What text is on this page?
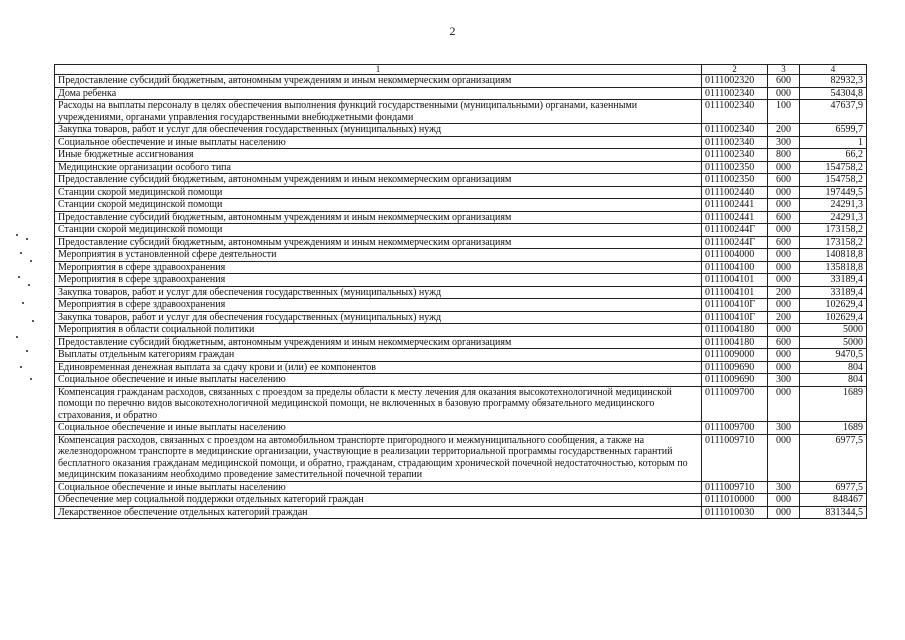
2
1	2	3	4
Предоставление субсидий бюджетным, автономным учреждениям и иным некоммерческим организациям	0111002320	600	82932,3
Дома ребенка	0111002340	000	54304,8
Расходы на выплаты персоналу в целях обеспечения выполнения функций государственными (муниципальными) органами, казенными учреждениями, органами управления государственными внебюджетными фондами	0111002340	100	47637,9
Закупка товаров, работ и услуг для обеспечения государственных (муниципальных) нужд	0111002340	200	6599,7
Социальное обеспечение и иные выплаты населению	0111002340	300	1
Иные бюджетные ассигнования	0111002340	800	66,2
Медицинские организации особого типа	0111002350	000	154758,2
Предоставление субсидий бюджетным, автономным учреждениям и иным некоммерческим организациям	0111002350	600	154758,2
Станции скорой медицинской помощи	0111002440	000	197449,5
Станции скорой медицинской помощи	0111002441	000	24291,3
Предоставление субсидий бюджетным, автономным учреждениям и иным некоммерческим организациям	0111002441	600	24291,3
Станции скорой медицинской помощи	011100244Г	000	173158,2
Предоставление субсидий бюджетным, автономным учреждениям и иным некоммерческим организациям	011100244Г	600	173158,2
Мероприятия в установленной сфере деятельности	0111004000	000	140818,8
Мероприятия в сфере здравоохранения	0111004100	000	135818,8
Мероприятия в сфере здравоохранения	0111004101	000	33189,4
Закупка товаров, работ и услуг для обеспечения государственных (муниципальных) нужд	0111004101	200	33189,4
Мероприятия в сфере здравоохранения	011100410Г	000	102629,4
Закупка товаров, работ и услуг для обеспечения государственных (муниципальных) нужд	011100410Г	200	102629,4
Мероприятия в области социальной политики	0111004180	000	5000
Предоставление субсидий бюджетным, автономным учреждениям и иным некоммерческим организациям	0111004180	600	5000
Выплаты отдельным категориям граждан	0111009000	000	9470,5
Единовременная денежная выплата за сдачу крови и (или) ее компонентов	0111009690	000	804
Социальное обеспечение и иные выплаты населению	0111009690	300	804
Компенсация гражданам расходов, связанных с проездом за пределы области к месту лечения для оказания высокотехнологичной медицинской помощи по перечню видов высокотехнологичной медицинской помощи, не включенных в базовую программу обязательного медицинского страхования, и обратно	0111009700	000	1689
Социальное обеспечение и иные выплаты населению	0111009700	300	1689
Компенсация расходов, связанных с проездом на автомобильном транспорте пригородного и межмуниципального сообщения, а также на железнодорожном транспорте в медицинские организации, участвующие в реализации территориальной программы государственных гарантий бесплатного оказания гражданам медицинской помощи, и обратно, гражданам, страдающим хронической почечной недостаточностью, которым по медицинским показаниям необходимо проведение заместительной почечной терапии	0111009710	000	6977,5
Социальное обеспечение и иные выплаты населению	0111009710	300	6977,5
Обеспечение мер социальной поддержки отдельных категорий граждан	0111010000	000	848467
Лекарственное обеспечение отдельных категорий граждан	0111010030	000	831344,5
